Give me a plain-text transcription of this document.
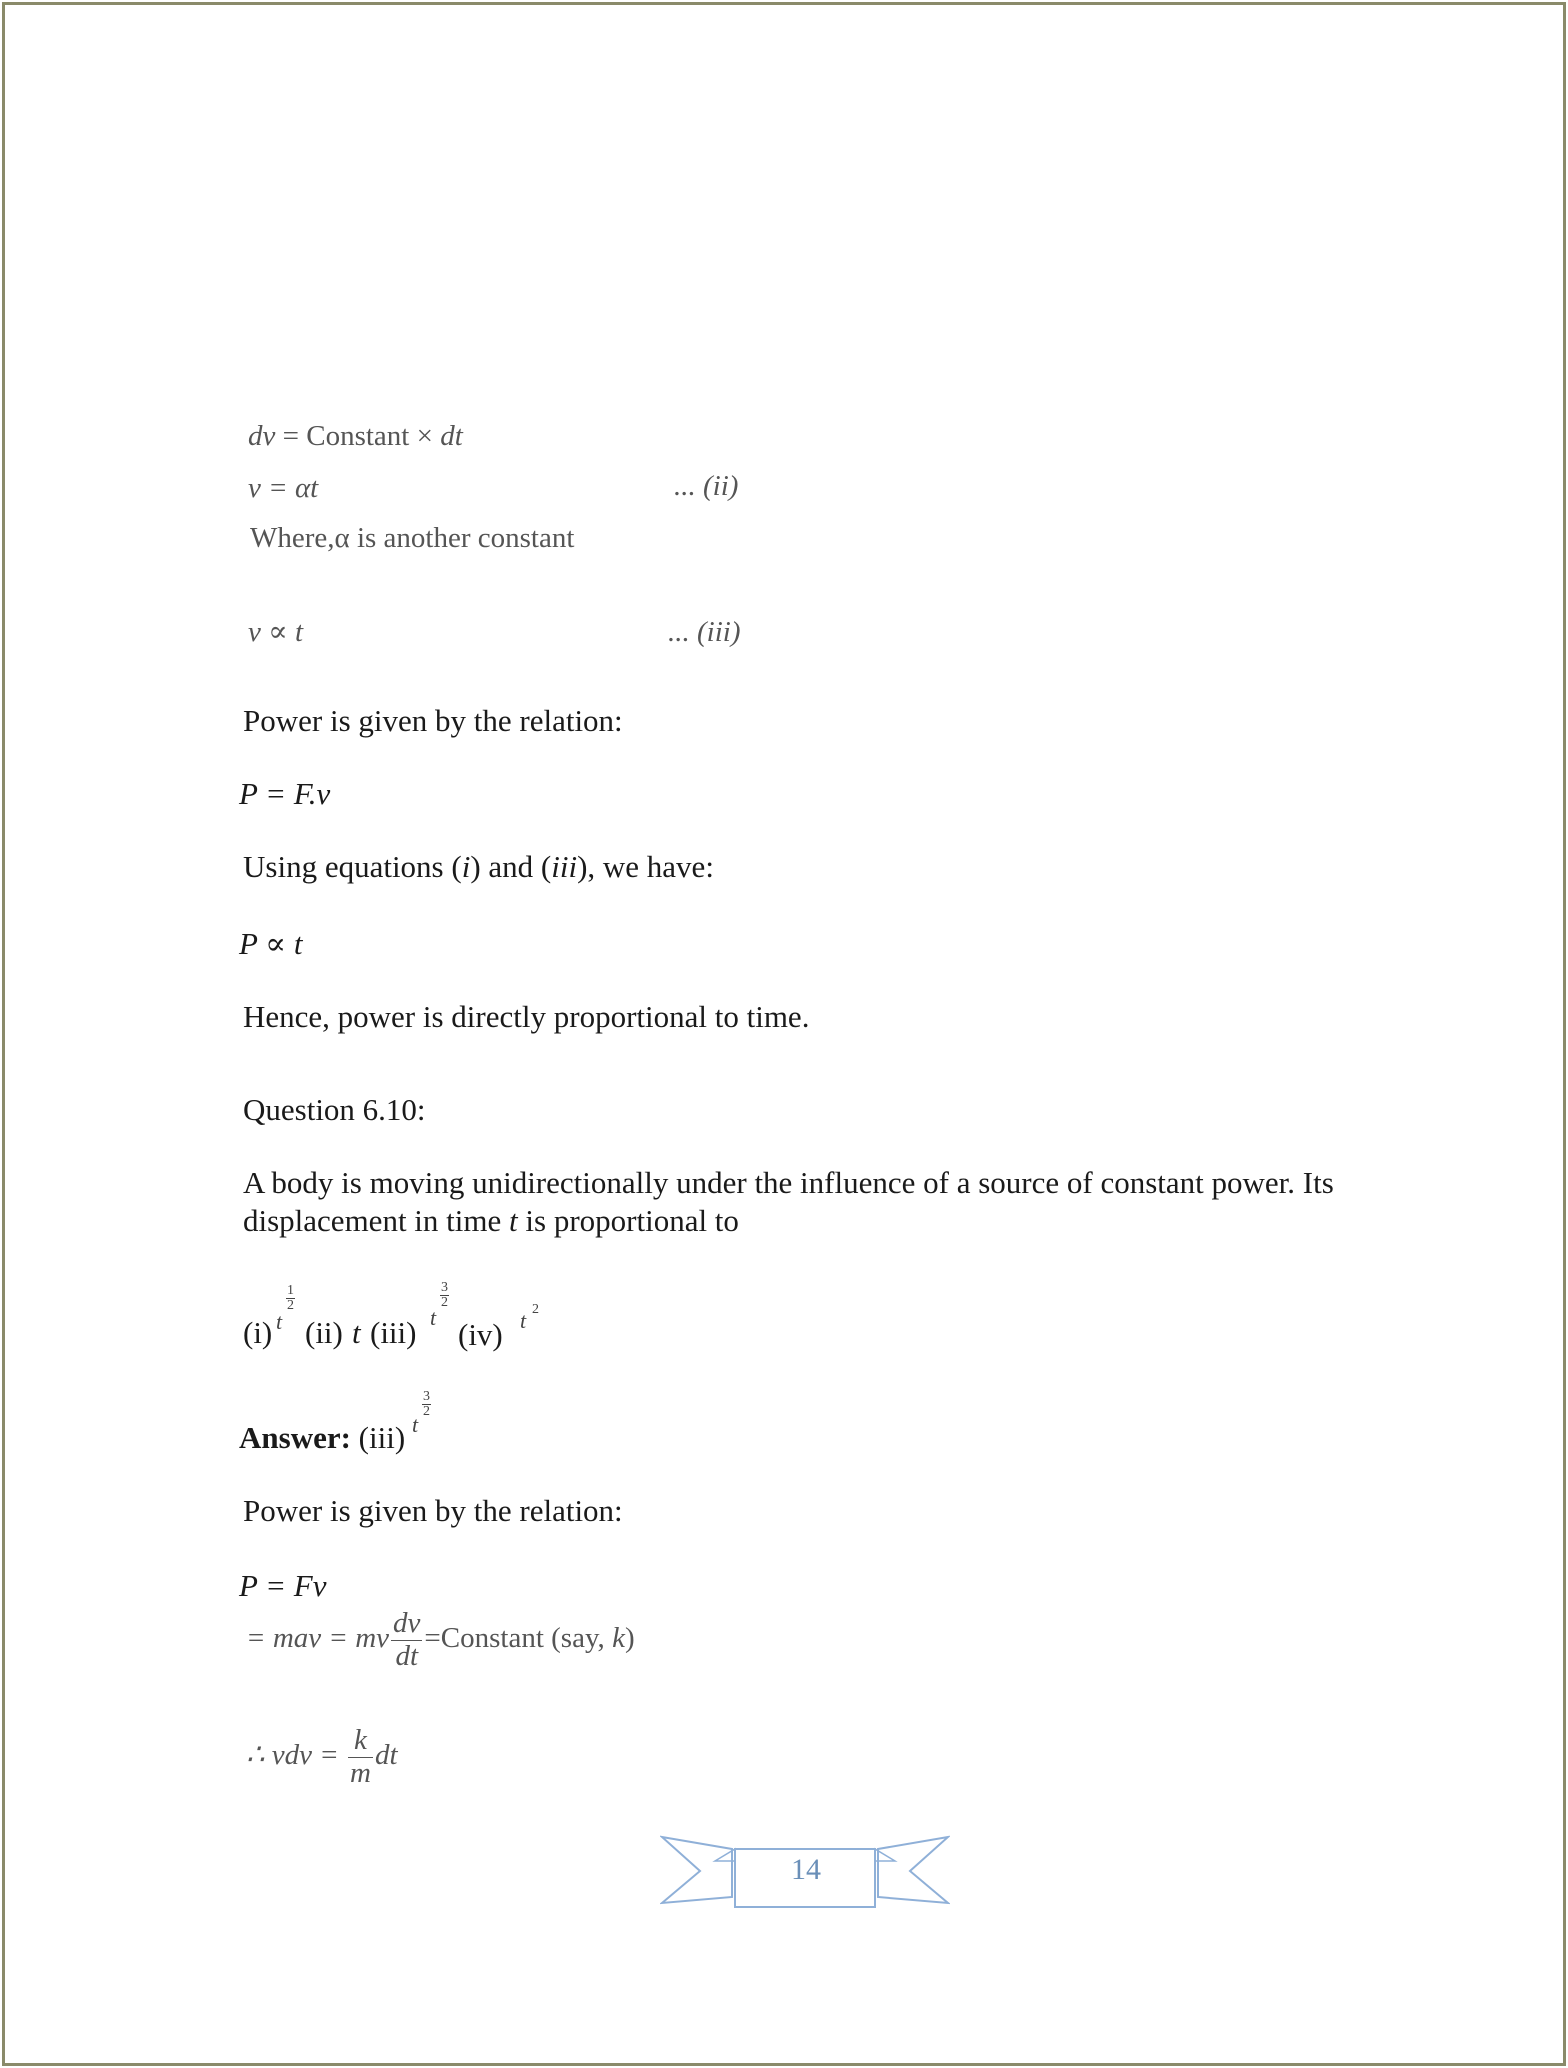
dv = Constant × dt
v = αt	... (ii)
Where,α is another constant
v ∝ t	... (iii)
Power is given by the relation:
P = F.v
Using equations (i) and (iii), we have:
P ∝ t
Hence, power is directly proportional to time.
Question 6.10:
A body is moving unidirectionally under the influence of a source of constant power. Its
displacement in time t is proportional to
(i) t
$\frac{1}{2}$
(ii) t (iii) t
$\frac{3}{2}$
(iv) t 2
Answer: (iii) t
$\frac{3}{2}$
Power is given by the relation:
P = Fv
= mav = mv $\frac{dv}{dt}$ =Constant (say, k)
∴ vdv = $\frac{k}{m}$ dt
14
